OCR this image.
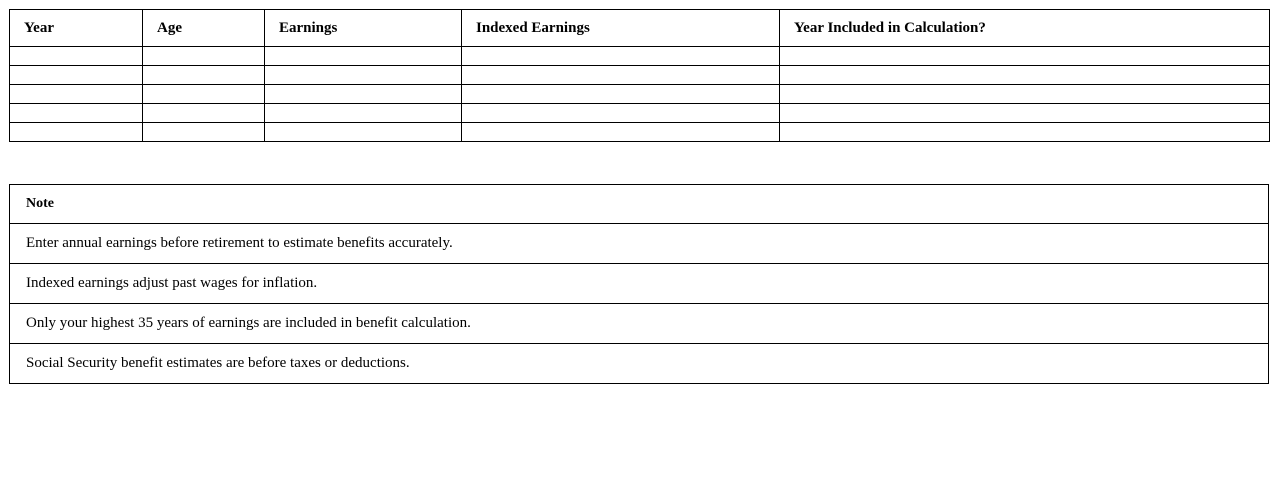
Year	Age	Earnings	Indexed Earnings	Year Included in Calculation?

Note
Enter annual earnings before retirement to estimate benefits accurately.
Indexed earnings adjust past wages for inflation.
Only your highest 35 years of earnings are included in benefit calculation.
Social Security benefit estimates are before taxes or deductions.
